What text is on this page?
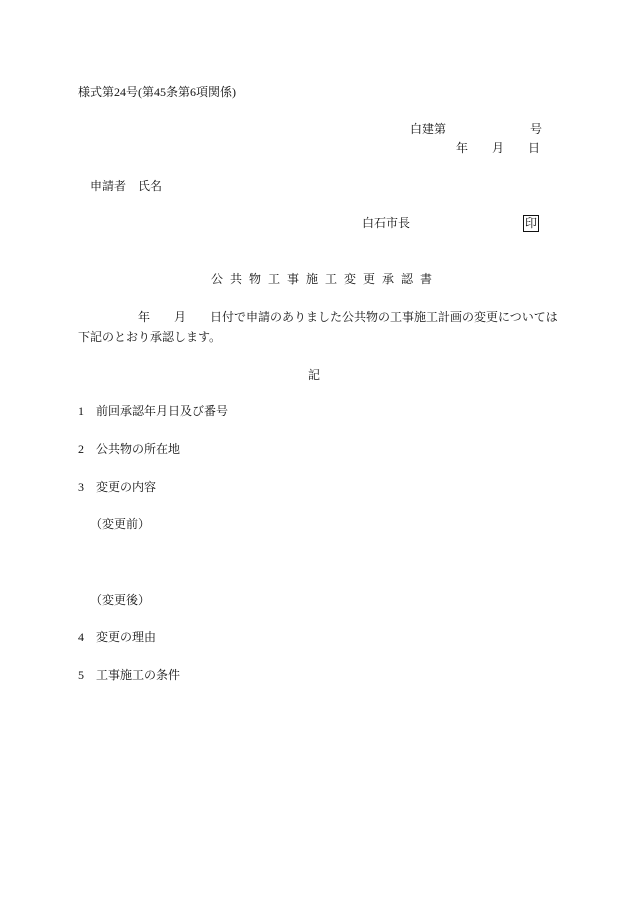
様式第24号(第45条第6項関係)
白建第　　　　　　　号
年　　月　　日
申請者　氏名
白石市長	印
公 共 物 工 事 施 工 変 更 承 認 書
　　　　　年　　月　　日付で申請のありました公共物の工事施工計画の変更については
下記のとおり承認します。
記
1　前回承認年月日及び番号
2　公共物の所在地
3　変更の内容
（変更前）
（変更後）
4　変更の理由
5　工事施工の条件
